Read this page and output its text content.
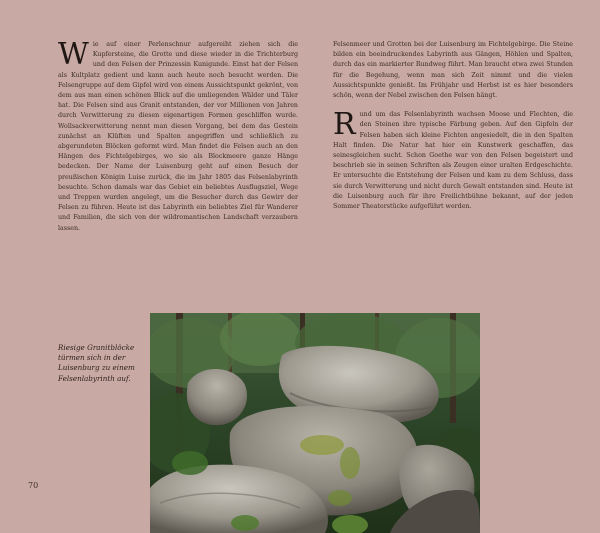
Wie auf einer Perlenschnur aufgereiht ziehen sich die Kupfersteine, die Grotte und diese wieder in die Trichterburg und den Felsen der Prinzessin Kunigunde. Einst hat der Felsen als Kultplatz gedient und kann auch heute noch besucht werden. Die Felsengruppe auf dem Gipfel wird von einem Aussichtspunkt gekrönt, von dem aus man einen schönen Blick auf die umliegenden Wälder und Täler hat. Die Felsen sind aus Granit entstanden, der vor Millionen von Jahren durch Verwitterung zu diesen eigenartigen Formen geschliffen wurde. Wollsackverwitterung nennt man diesen Vorgang, bei dem das Gestein zunächst an Klüften und Spalten angegriffen und schließlich zu abgerundeten Blöcken geformt wird. Man findet die Felsen auch an den Hängen des Fichtelgebirges, wo sie als Blockmeere ganze Hänge bedecken. Der Name der Luisenburg geht auf einen Besuch der preußischen Königin Luise zurück, die im Jahr 1805 das Felsenlabyrinth besuchte. Schon damals war das Gebiet ein beliebtes Ausflugsziel, Wege und Treppen wurden angelegt, um die Besucher durch das Gewirr der Felsen zu führen. Heute ist das Labyrinth ein beliebtes Ziel für Wanderer und Familien, die sich von der wildromantischen Landschaft verzaubern lassen.

Felsenmeer und Grotten bei der Luisenburg im Fichtelgebirge. Die Steine bilden ein beeindruckendes Labyrinth aus Gängen, Höhlen und Spalten, durch das ein markierter Rundweg führt. Man braucht etwa zwei Stunden für die Begehung, wenn man sich Zeit nimmt und die vielen Aussichtspunkte genießt. Im Frühjahr und Herbst ist es hier besonders schön, wenn der Nebel zwischen den Felsen hängt.

Rund um das Felsenlabyrinth wachsen Moose und Flechten, die den Steinen ihre typische Färbung geben. Auf den Gipfeln der Felsen haben sich kleine Fichten angesiedelt, die in den Spalten Halt finden. Die Natur hat hier ein Kunstwerk geschaffen, das seinesgleichen sucht. Schon Goethe war von den Felsen begeistert und beschrieb sie in seinen Schriften als Zeugen einer uralten Erdgeschichte. Er untersuchte die Entstehung der Felsen und kam zu dem Schluss, dass sie durch Verwitterung und nicht durch Gewalt entstanden sind. Heute ist die Luisenburg auch für ihre Freilichtbühne bekannt, auf der jeden Sommer Theaterstücke aufgeführt werden.

Riesige Granitblöcke türmen sich in der Luisenburg zu einem Felsenlabyrinth auf.
70
